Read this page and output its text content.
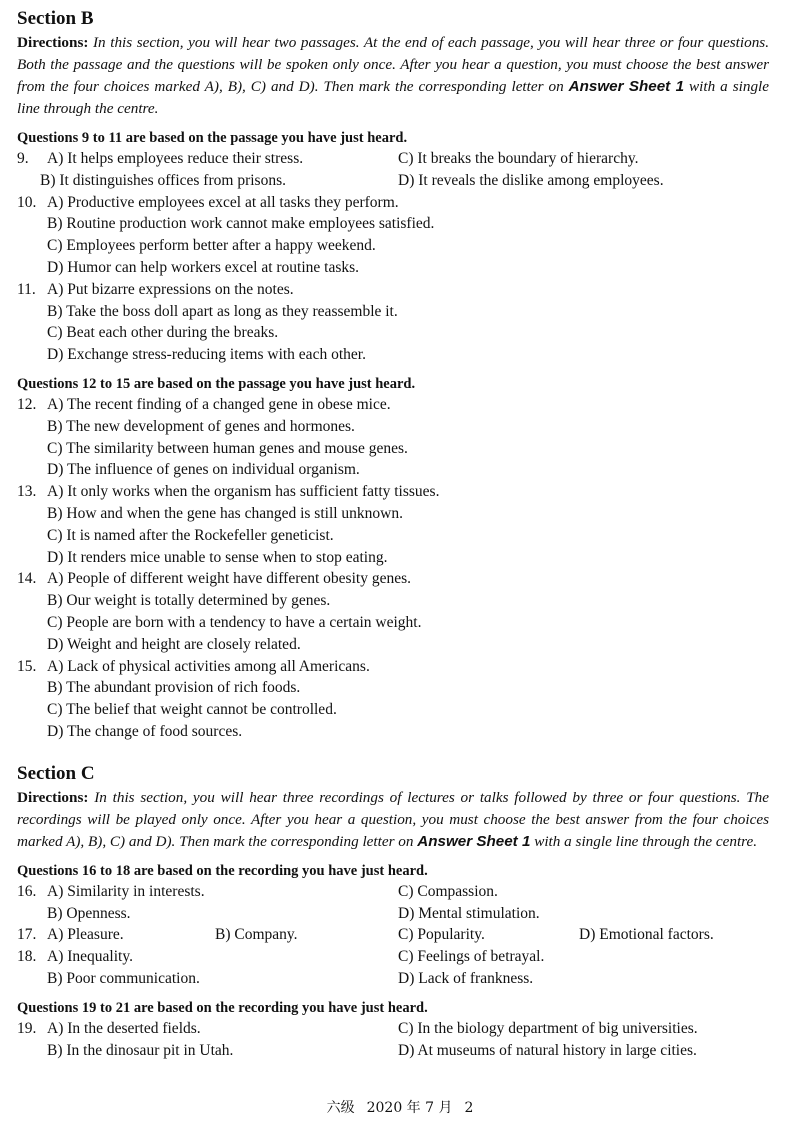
Section B

Directions: In this section, you will hear two passages. At the end of each passage, you will hear three or four questions. Both the passage and the questions will be spoken only once. After you hear a question, you must choose the best answer from the four choices marked A), B), C) and D). Then mark the corresponding letter on Answer Sheet 1 with a single line through the centre.

Questions 9 to 11 are based on the passage you have just heard.
9. A) It helps employees reduce their stress.	C) It breaks the boundary of hierarchy.
B) It distinguishes offices from prisons.	D) It reveals the dislike among employees.
10. A) Productive employees excel at all tasks they perform.
B) Routine production work cannot make employees satisfied.
C) Employees perform better after a happy weekend.
D) Humor can help workers excel at routine tasks.
11. A) Put bizarre expressions on the notes.
B) Take the boss doll apart as long as they reassemble it.
C) Beat each other during the breaks.
D) Exchange stress-reducing items with each other.
Questions 12 to 15 are based on the passage you have just heard.
12. A) The recent finding of a changed gene in obese mice.
B) The new development of genes and hormones.
C) The similarity between human genes and mouse genes.
D) The influence of genes on individual organism.
13. A) It only works when the organism has sufficient fatty tissues.
B) How and when the gene has changed is still unknown.
C) It is named after the Rockefeller geneticist.
D) It renders mice unable to sense when to stop eating.
14. A) People of different weight have different obesity genes.
B) Our weight is totally determined by genes.
C) People are born with a tendency to have a certain weight.
D) Weight and height are closely related.
15. A) Lack of physical activities among all Americans.
B) The abundant provision of rich foods.
C) The belief that weight cannot be controlled.
D) The change of food sources.
Section C

Directions: In this section, you will hear three recordings of lectures or talks followed by three or four questions. The recordings will be played only once. After you hear a question, you must choose the best answer from the four choices marked A), B), C) and D). Then mark the corresponding letter on Answer Sheet 1 with a single line through the centre.

Questions 16 to 18 are based on the recording you have just heard.
16. A) Similarity in interests.	C) Compassion.
B) Openness.	D) Mental stimulation.
17. A) Pleasure.	B) Company.	C) Popularity.	D) Emotional factors.
18. A) Inequality.	C) Feelings of betrayal.
B) Poor communication.	D) Lack of frankness.
Questions 19 to 21 are based on the recording you have just heard.
19. A) In the deserted fields.	C) In the biology department of big universities.
B) In the dinosaur pit in Utah.	D) At museums of natural history in large cities.
六级 2020 年 7 月 2
